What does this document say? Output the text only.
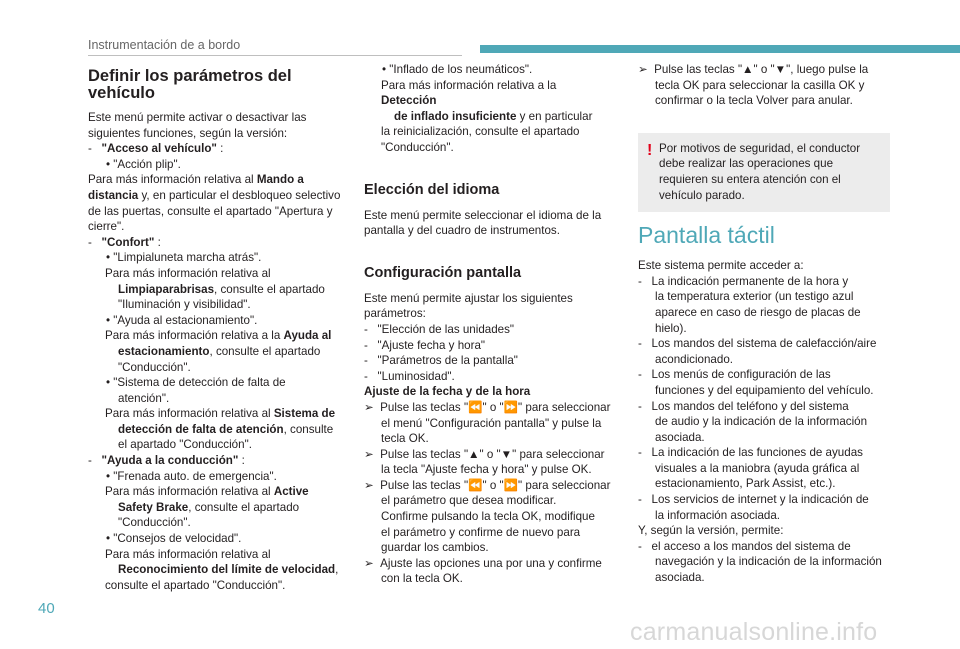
Instrumentación de a bordo
Definir los parámetros del
vehículo

Este menú permite activar o desactivar las

siguientes funciones, según la versión:

-   "Acceso al vehículo" :

• "Acción plip".

Para más información relativa al Mando a

distancia y, en particular el desbloqueo selectivo

de las puertas, consulte el apartado "Apertura y

cierre".

-   "Confort" :

• "Limpialuneta marcha atrás".

Para más información relativa al

Limpiaparabrisas, consulte el apartado

"Iluminación y visibilidad".

• "Ayuda al estacionamiento".

Para más información relativa a la Ayuda al

estacionamiento, consulte el apartado

"Conducción".

• "Sistema de detección de falta de

atención".

Para más información relativa al Sistema de

detección de falta de atención, consulte

el apartado "Conducción".

-   "Ayuda a la conducción" :

• "Frenada auto. de emergencia".

Para más información relativa al Active

Safety Brake, consulte el apartado

"Conducción".

• "Consejos de velocidad".

Para más información relativa al

Reconocimiento del límite de velocidad,

consulte el apartado "Conducción".

• "Inflado de los neumáticos".

Para más información relativa a la Detección

de inflado insuficiente y en particular

la reinicialización, consulte el apartado

"Conducción".

Elección del idioma

Este menú permite seleccionar el idioma de la

pantalla y del cuadro de instrumentos.

Configuración pantalla

Este menú permite ajustar los siguientes

parámetros:

-   "Elección de las unidades"

-   "Ajuste fecha y hora"

-   "Parámetros de la pantalla"

-   "Luminosidad".

Ajuste de la fecha y de la hora

➢ Pulse las teclas "⏪" o "⏩" para seleccionar

el menú "Configuración pantalla" y pulse la

tecla OK.

➢ Pulse las teclas "▲" o "▼" para seleccionar

la tecla "Ajuste fecha y hora" y pulse OK.

➢ Pulse las teclas "⏪" o "⏩" para seleccionar

el parámetro que desea modificar.

Confirme pulsando la tecla OK, modifique

el parámetro y confirme de nuevo para

guardar los cambios.

➢ Ajuste las opciones una por una y confirme

con la tecla OK.

➢ Pulse las teclas "▲" o "▼", luego pulse la

tecla OK para seleccionar la casilla OK y

confirmar o la tecla Volver para anular.

! Por motivos de seguridad, el conductor

debe realizar las operaciones que

requieren su entera atención con el

vehículo parado.

Pantalla táctil

Este sistema permite acceder a:

-   La indicación permanente de la hora y

la temperatura exterior (un testigo azul

aparece en caso de riesgo de placas de

hielo).

-   Los mandos del sistema de calefacción/aire

acondicionado.

-   Los menús de configuración de las

funciones y del equipamiento del vehículo.

-   Los mandos del teléfono y del sistema

de audio y la indicación de la información

asociada.

-   La indicación de las funciones de ayudas

visuales a la maniobra (ayuda gráfica al

estacionamiento, Park Assist, etc.).

-   Los servicios de internet y la indicación de

la información asociada.

Y, según la versión, permite:

-   el acceso a los mandos del sistema de

navegación y la indicación de la información

asociada.

40
carmanualsonline.info
